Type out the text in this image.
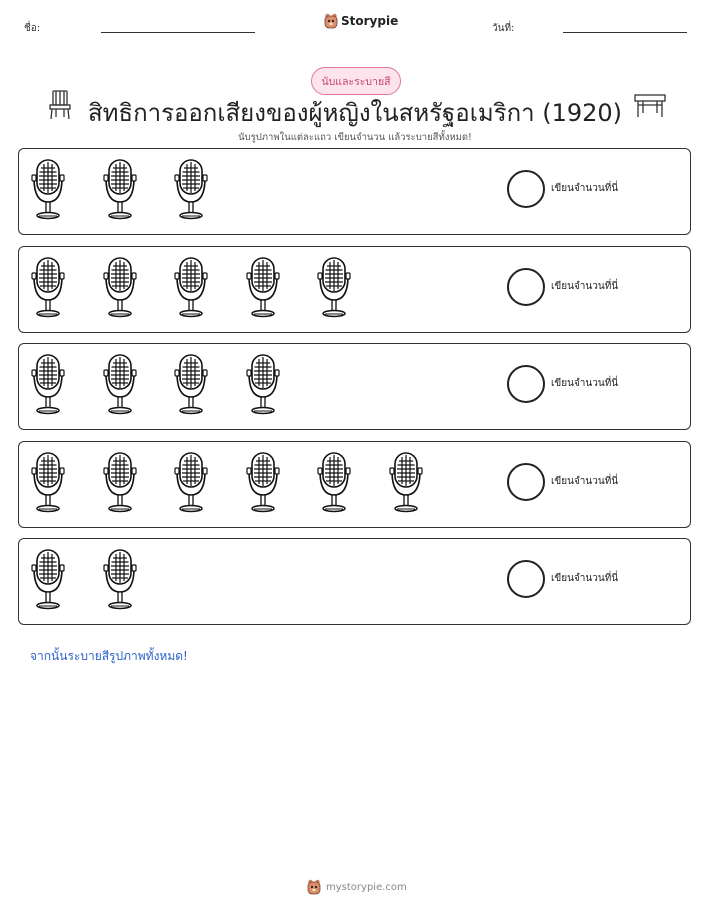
ชื่อ:
Storypie
วันที่:
นับและระบายสี
สิทธิการออกเสียงของผู้หญิงในสหรัฐอเมริกา (1920)
นับรูปภาพในแต่ละแถว เขียนจำนวน แล้วระบายสีทั้งหมด!
เขียนจำนวนที่นี่
เขียนจำนวนที่นี่
เขียนจำนวนที่นี่
เขียนจำนวนที่นี่
เขียนจำนวนที่นี่
จากนั้นระบายสีรูปภาพทั้งหมด!
mystorypie.com
